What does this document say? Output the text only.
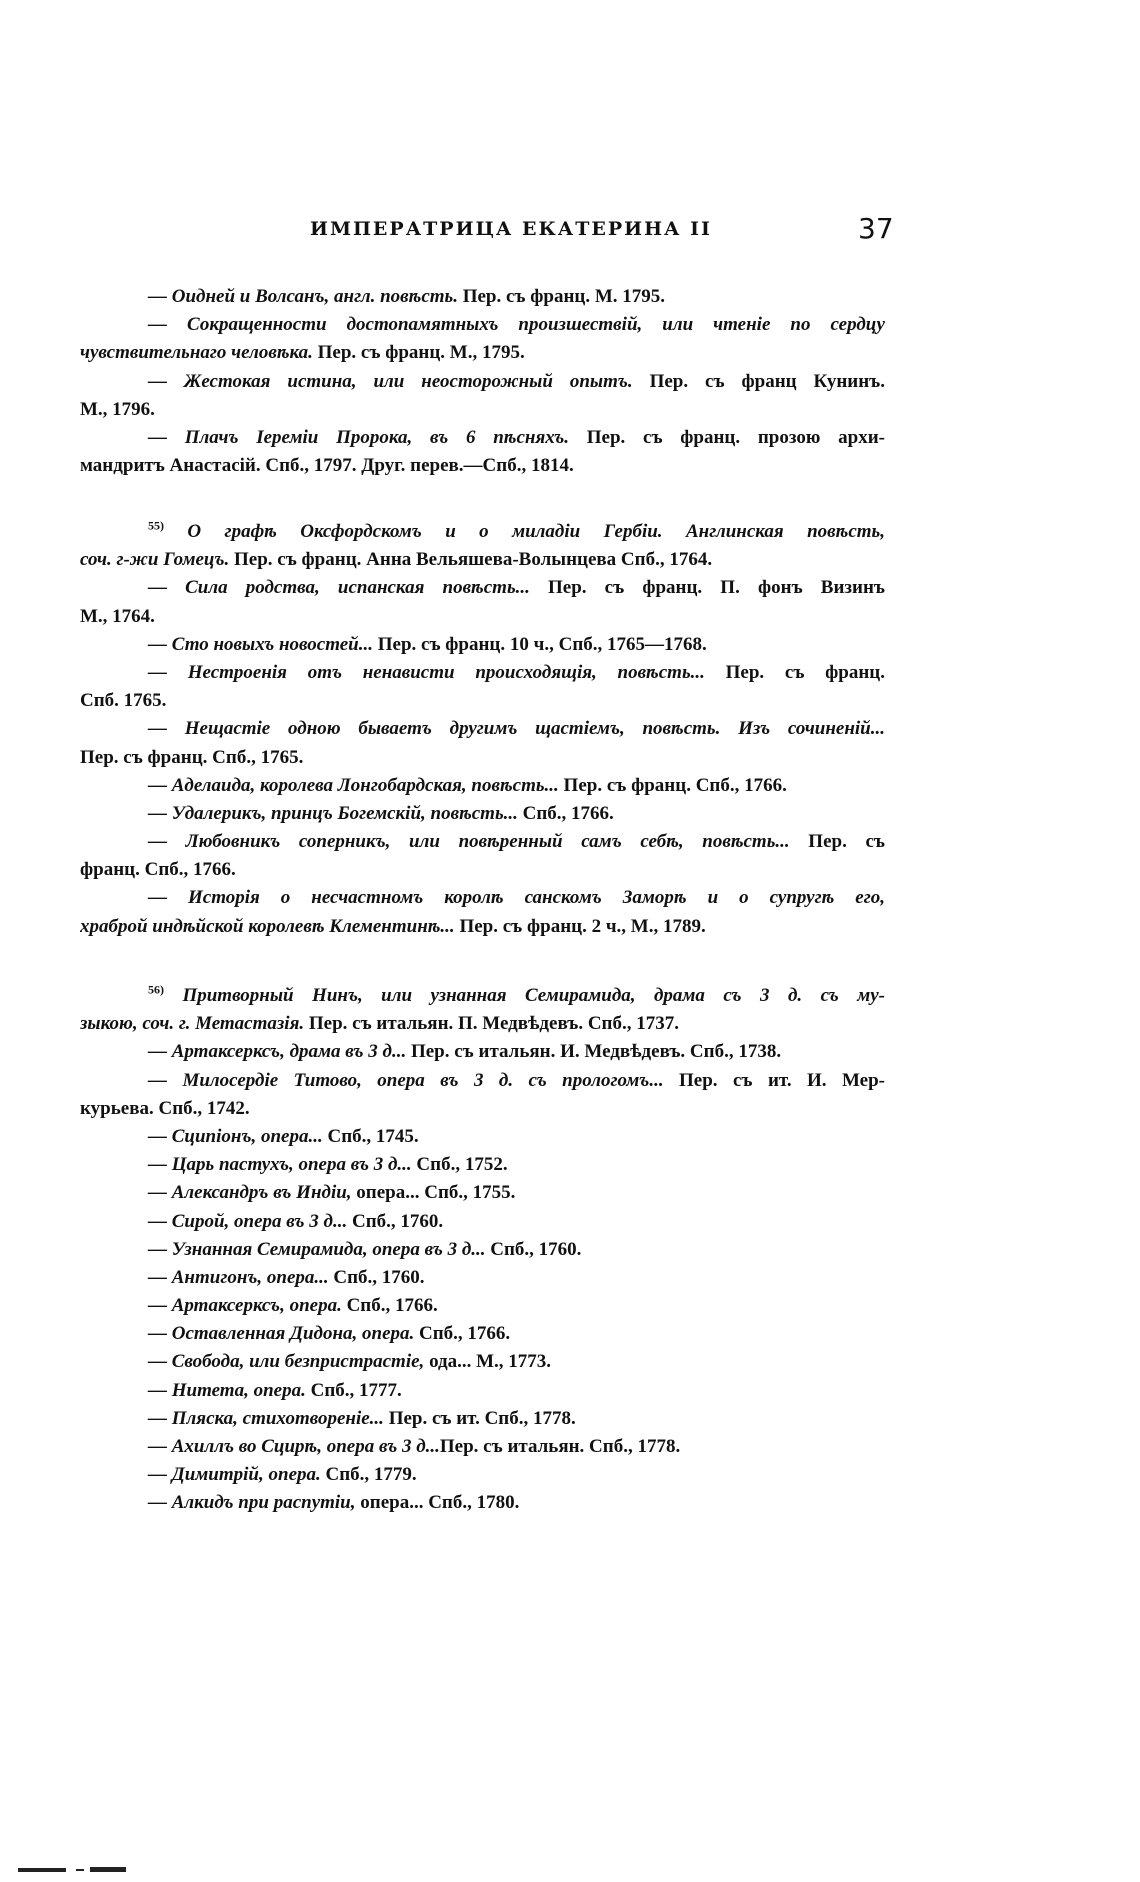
ИМПЕРАТРИЦА ЕКАТЕРИНА II	37
— Оидней и Волсанъ, англ. повѣсть. Пер. съ франц. М. 1795.
— Сокращенности достопамятныхъ произшествій, или чтеніе по сердцу
чувствительнаго человѣка. Пер. съ франц. М., 1795.
— Жестокая истина, или неосторожный опытъ. Пер. съ франц Кунинъ.
М., 1796.
— Плачъ Іеремiи Пророка, въ 6 пѣсняхъ. Пер. съ франц. прозою архи-
мандритъ Анастасій. Спб., 1797. Друг. перев.—Спб., 1814.
$^{55)}$ О графѣ Оксфордскомъ и о миладіи Гербіи. Англинская повѣсть,
соч. г-жи Гомецъ. Пер. съ франц. Анна Вельяшева-Волынцева Спб., 1764.
— Сила родства, испанская повѣсть... Пер. съ франц. П. фонъ Визинъ
М., 1764.
— Сто новыхъ новостей... Пер. съ франц. 10 ч., Спб., 1765—1768.
— Нестроенія отъ ненависти происходящія, повѣсть... Пер. съ франц.
Спб. 1765.
— Нещастіе одною бываетъ другимъ щастіемъ, повѣсть. Изъ сочиненій...
Пер. съ франц. Спб., 1765.
— Аделаида, королева Лонгобардская, повѣсть... Пер. съ франц. Спб., 1766.
— Удалерикъ, принцъ Богемскій, повѣсть... Спб., 1766.
— Любовникъ соперникъ, или повѣренный самъ себѣ, повѣсть... Пер. съ
франц. Спб., 1766.
— Исторія о несчастномъ королѣ санскомъ Заморѣ и о супругѣ его,
храброй индѣйской королевѣ Клементинѣ... Пер. съ франц. 2 ч., М., 1789.
$^{56)}$ Притворный Нинъ, или узнанная Семирамида, драма съ 3 д. съ му-
зыкою, соч. г. Метастазія. Пер. съ итальян. П. Медвѣдевъ. Спб., 1737.
— Артаксерксъ, драма въ 3 д... Пер. съ итальян. И. Медвѣдевъ. Спб., 1738.
— Милосердіе Титово, опера въ 3 д. съ прологомъ... Пер. съ ит. И. Мер-
курьева. Спб., 1742.
— Сципіонъ, опера... Спб., 1745.
— Царь пастухъ, опера въ 3 д... Спб., 1752.
— Александръ въ Индіи, опера... Спб., 1755.
— Сирой, опера въ 3 д... Спб., 1760.
— Узнанная Семирамида, опера въ 3 д... Спб., 1760.
— Антигонъ, опера... Спб., 1760.
— Артаксерксъ, опера. Спб., 1766.
— Оставленная Дидона, опера. Спб., 1766.
— Свобода, или безпристрастіе, ода... М., 1773.
— Нитета, опера. Спб., 1777.
— Пляска, стихотвореніе... Пер. съ ит. Спб., 1778.
— Ахиллъ во Сцирѣ, опера въ 3 д...Пер. съ итальян. Спб., 1778.
— Димитрій, опера. Спб., 1779.
— Алкидъ при распутіи, опера... Спб., 1780.
